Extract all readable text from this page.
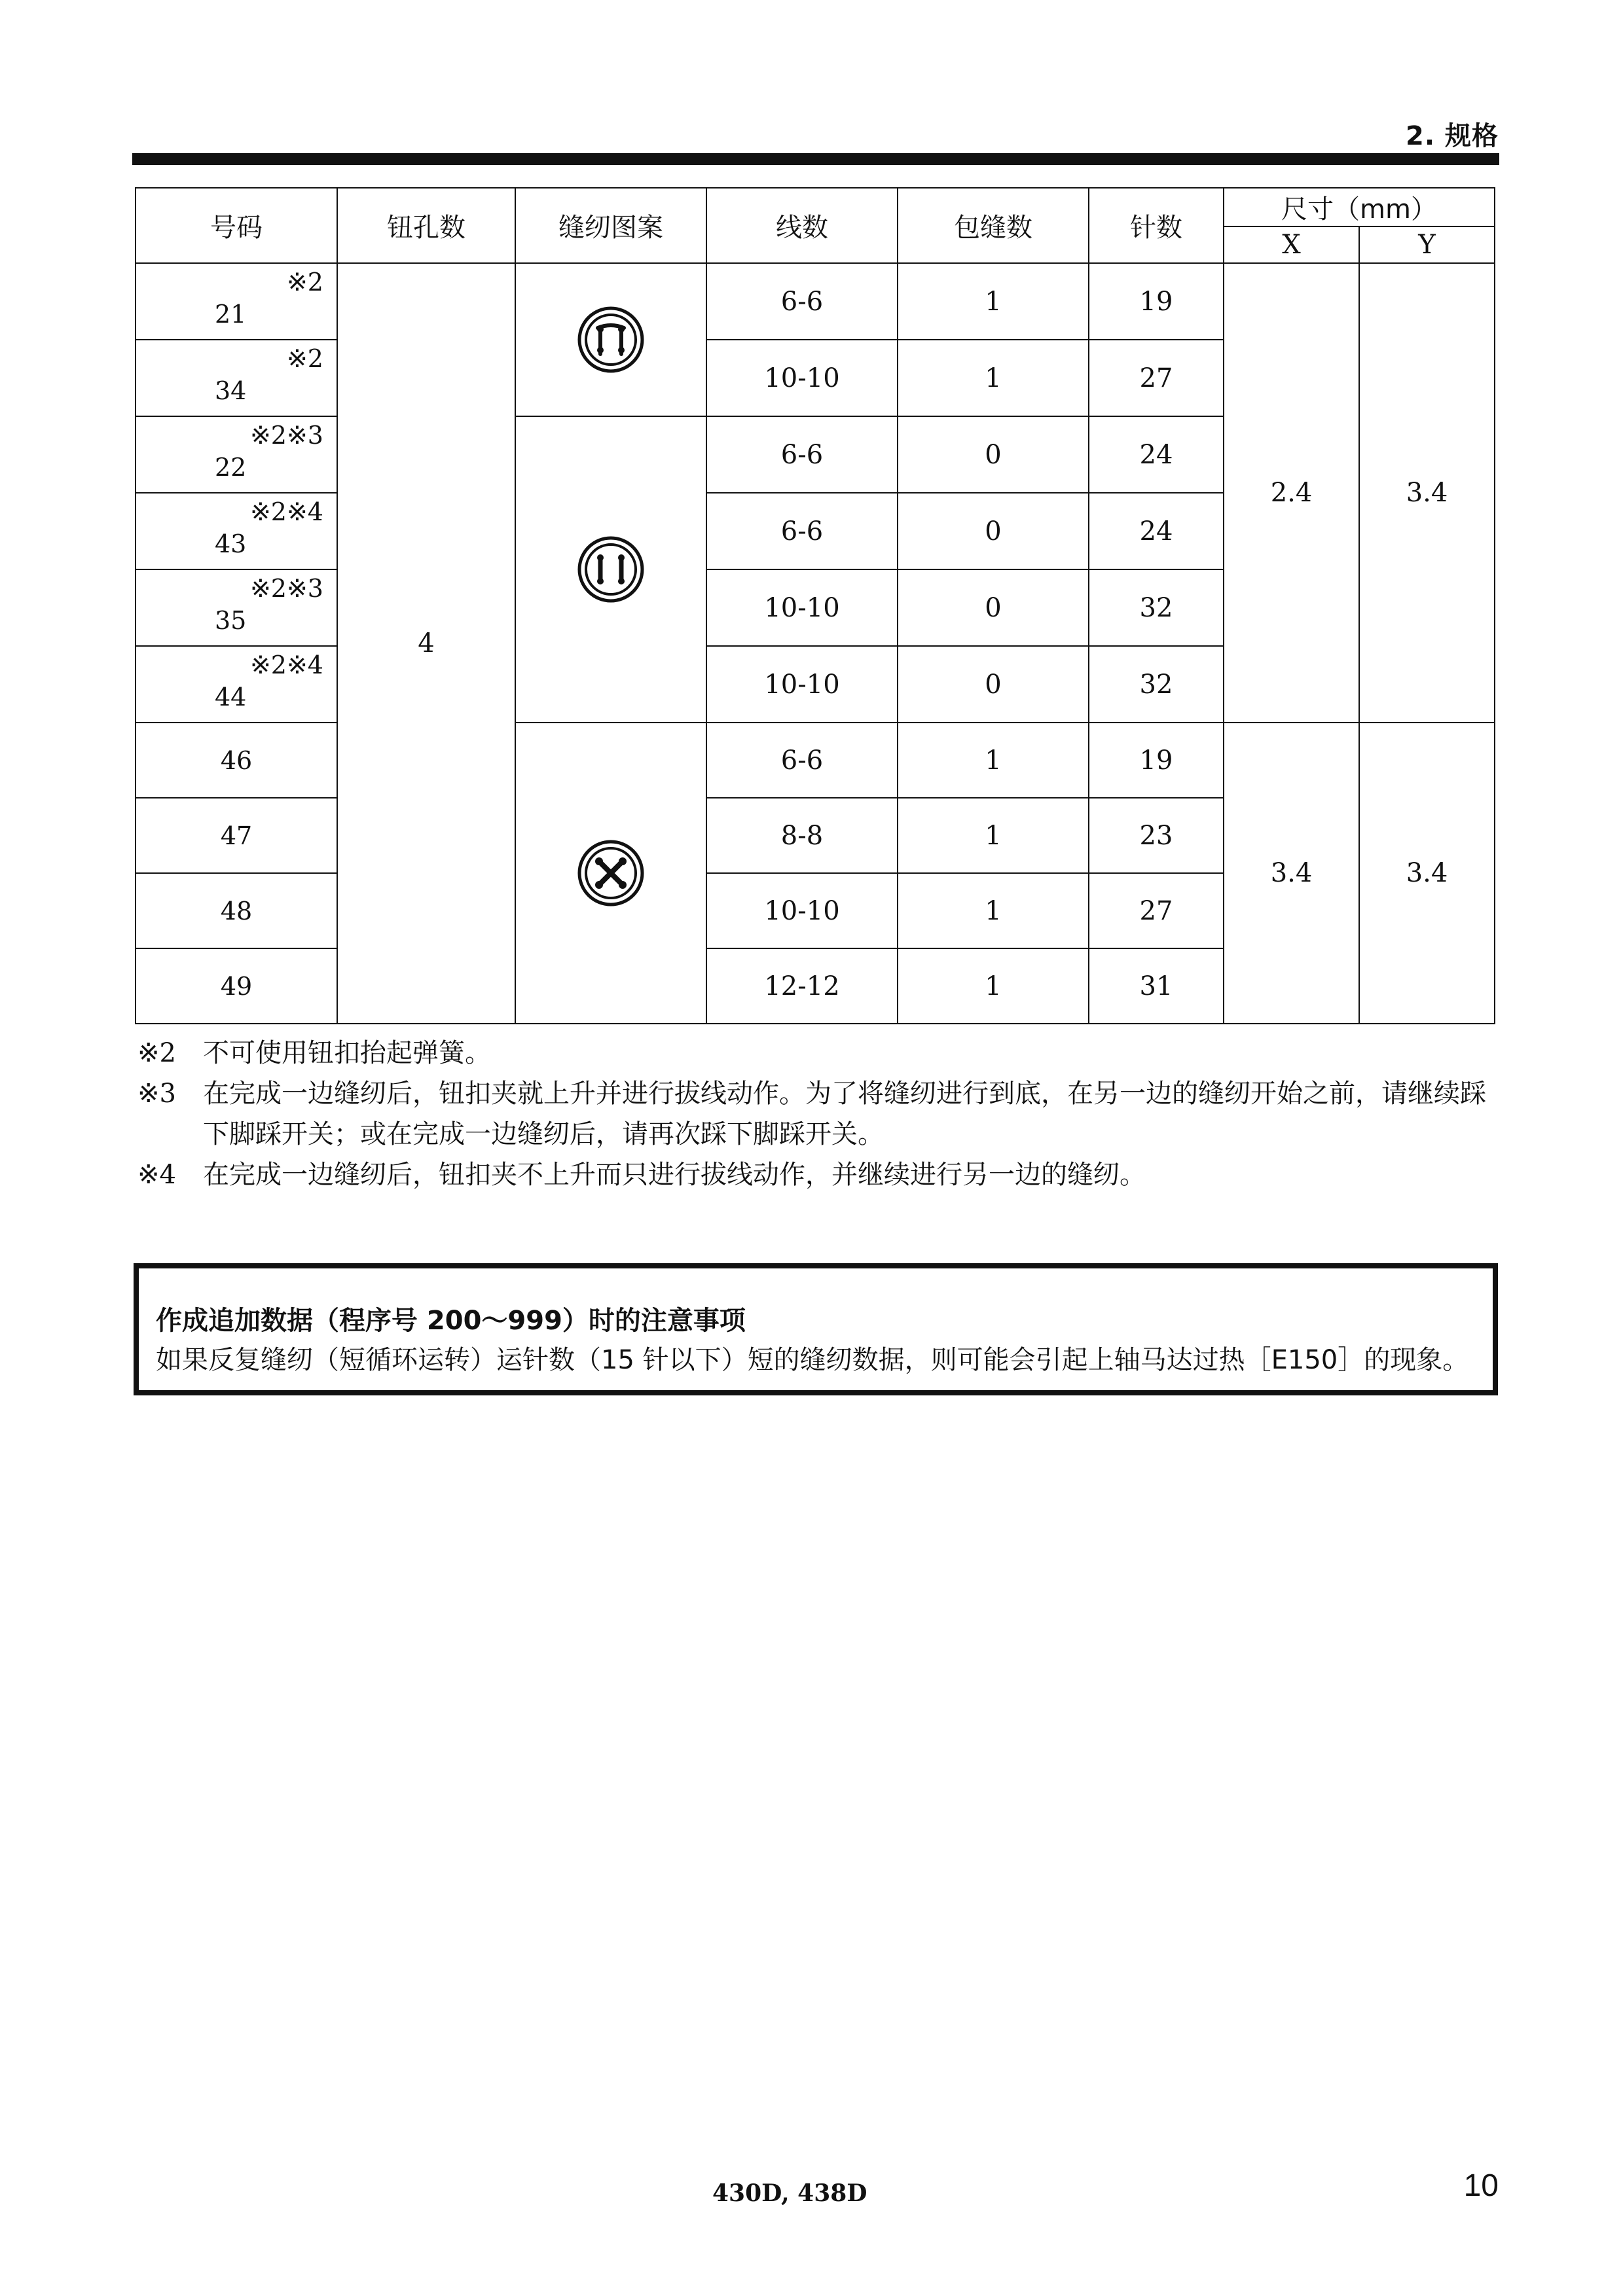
2. 规格
号码	钮孔数	缝纫图案	线数	包缝数	针数	尺寸（mm）	
						X	Y

※2
21	4		6-6	1	19	2.4	3.4

※2
34			10-10	1	27		

※2※3
22			6-6	0	24		

※2※4
43			6-6	0	24		

※2※3
35			10-10	0	32		

※2※4
44			10-10	0	32		
46			6-6	1	19	3.4	3.4
47			8-8	1	23		
48			10-10	1	27		
49			12-12	1	31		
※2	不可使用钮扣抬起弹簧。
※3	在完成一边缝纫后，钮扣夹就上升并进行拔线动作。为了将缝纫进行到底，在另一边的缝纫开始之前，请继续踩下脚踩开关；或在完成一边缝纫后，请再次踩下脚踩开关。
※4	在完成一边缝纫后，钮扣夹不上升而只进行拔线动作，并继续进行另一边的缝纫。
作成追加数据（程序号 200～999）时的注意事项
如果反复缝纫（短循环运转）运针数（15 针以下）短的缝纫数据，则可能会引起上轴马达过热［E150］的现象。
430D, 438D	10
